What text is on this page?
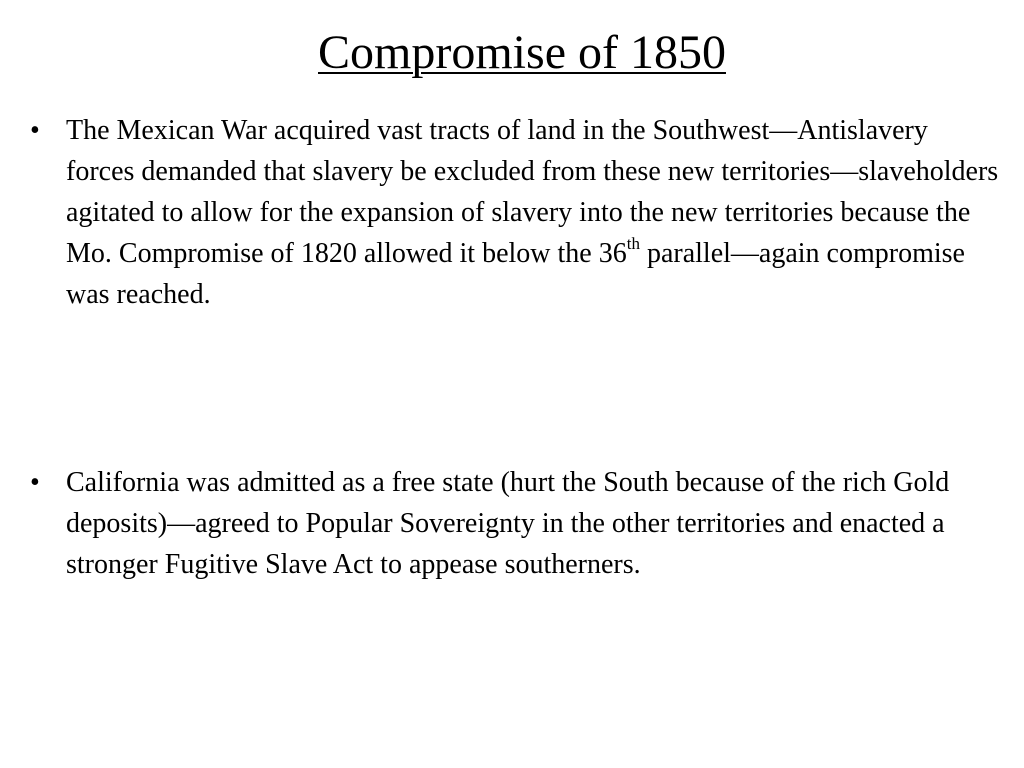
Compromise of 1850
• The Mexican War acquired vast tracts of land in the Southwest—Antislavery forces demanded that slavery be excluded from these new territories—slaveholders agitated to allow for the expansion of slavery into the new territories because the Mo. Compromise of 1820 allowed it below the 36th parallel—again compromise was reached.
• California was admitted as a free state (hurt the South because of the rich Gold deposits)—agreed to Popular Sovereignty in the other territories and enacted a stronger Fugitive Slave Act to appease southerners.
